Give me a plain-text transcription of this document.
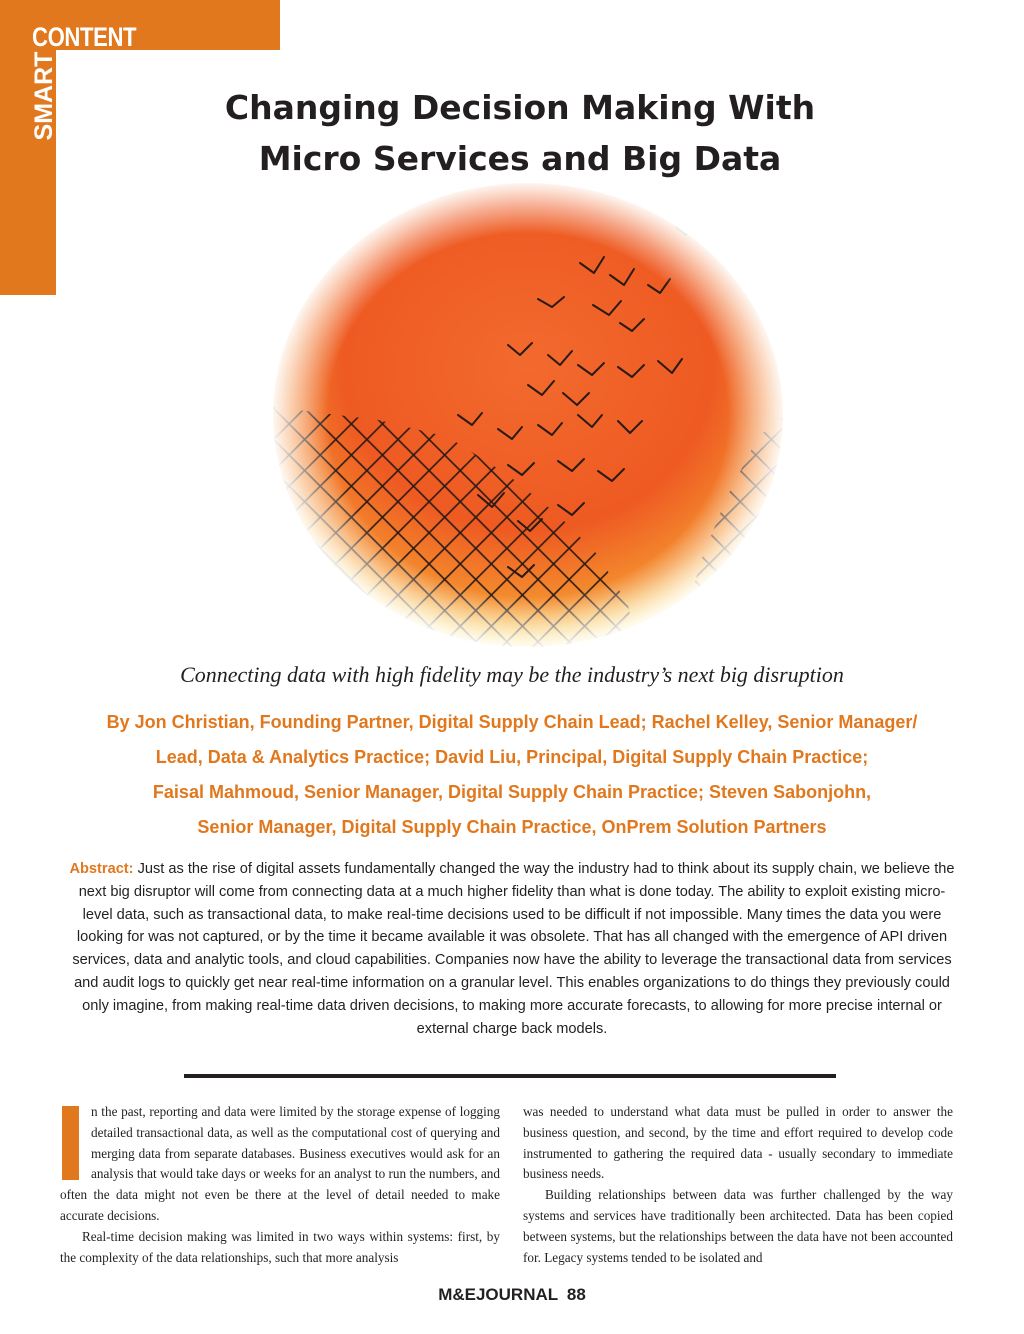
CONTENT
SMART	Changing Decision Making With
Micro Services and Big Data
Connecting data with high fidelity may be the industry’s next big disruption
By Jon Christian, Founding Partner, Digital Supply Chain Lead; Rachel Kelley, Senior Manager/
Lead, Data & Analytics Practice; David Liu, Principal, Digital Supply Chain Practice;
Faisal Mahmoud, Senior Manager, Digital Supply Chain Practice; Steven Sabonjohn,
Senior Manager, Digital Supply Chain Practice, OnPrem Solution Partners
Abstract: Just as the rise of digital assets fundamentally changed the way the industry had to think about its supply chain, we believe the next big disruptor will come from connecting data at a much higher fidelity than what is done today. The ability to exploit existing micro-level data, such as transactional data, to make real-time decisions used to be difficult if not impossible. Many times the data you were looking for was not captured, or by the time it became available it was obsolete. That has all changed with the emergence of API driven services, data and analytic tools, and cloud capabilities. Companies now have the ability to leverage the transactional data from services and audit logs to quickly get near real-time information on a granular level. This enables organizations to do things they previously could only imagine, from making real-time data driven decisions, to making more accurate forecasts, to allowing for more precise internal or external charge back models.

n the past, reporting and data were limited by the storage expense of logging detailed transactional data, as well as the computational cost of querying and merging data from separate databases. Business executives would ask for an analysis that would take days or weeks for an analyst to run the numbers, and often the data might not even be there at the level of detail needed to make accurate decisions.

Real-time decision making was limited in two ways within systems: first, by the complexity of the data relationships, such that more analysis

was needed to understand what data must be pulled in order to answer the business question, and second, by the time and effort required to develop code instrumented to gathering the required data - usually secondary to immediate business needs.

Building relationships between data was further challenged by the way systems and services have traditionally been architected. Data has been copied between systems, but the relationships between the data have not been accounted for. Legacy systems tended to be isolated and

M&EJOURNAL 88
